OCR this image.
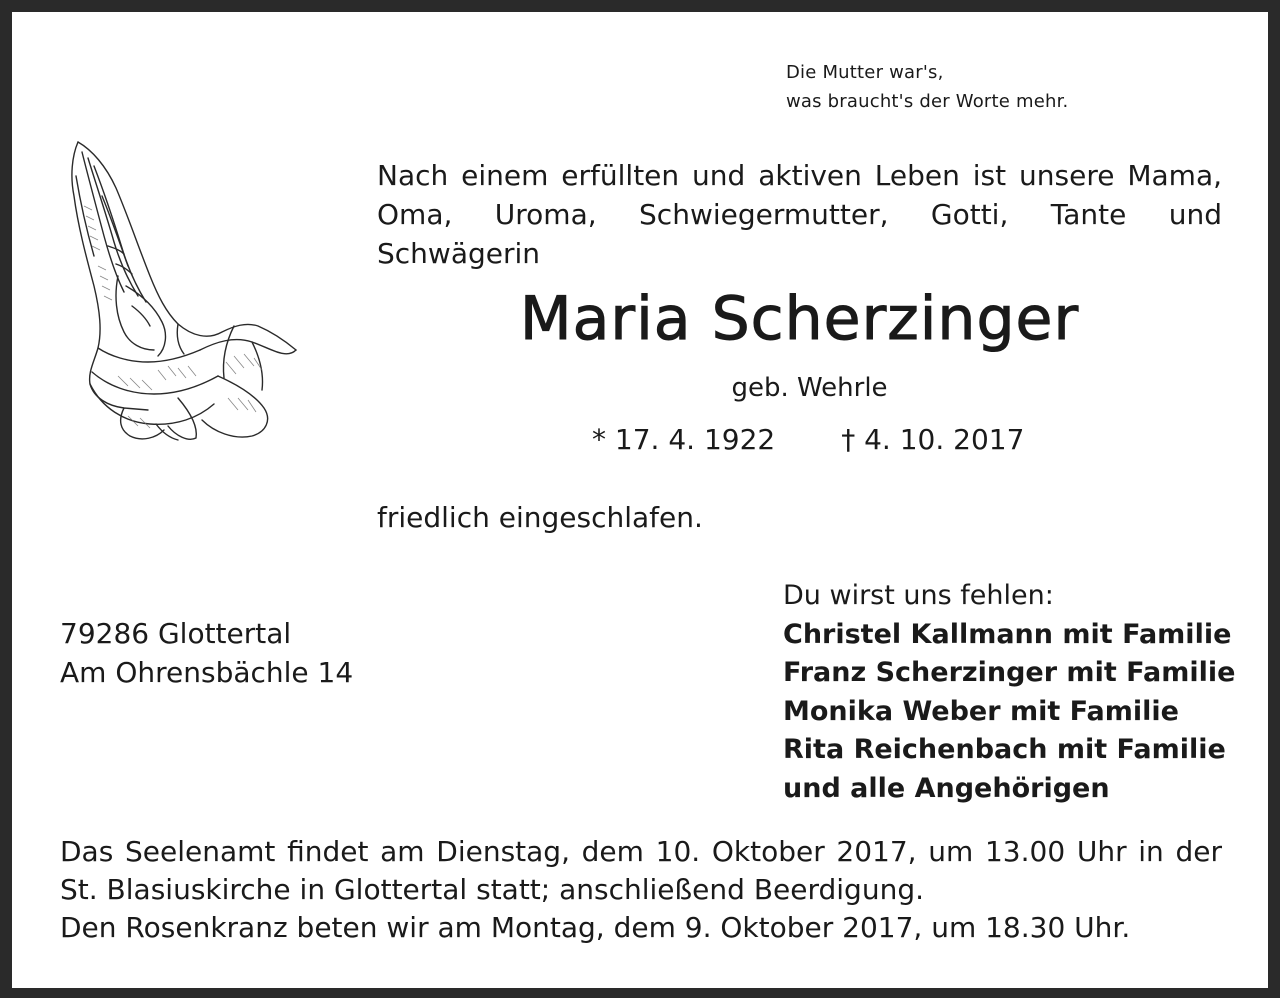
Die Mutter war's,
was braucht's der Worte mehr.
Nach einem erfüllten und aktiven Leben ist unsere Mama,
Oma, Uroma, Schwiegermutter, Gotti, Tante und Schwägerin
Maria Scherzinger
geb. Wehrle
* 17. 4. 1922 † 4. 10. 2017
friedlich eingeschlafen.
79286 Glottertal
Am Ohrensbächle 14
Du wirst uns fehlen:
Christel Kallmann mit Familie
Franz Scherzinger mit Familie
Monika Weber mit Familie
Rita Reichenbach mit Familie
und alle Angehörigen
Das Seelenamt findet am Dienstag, dem 10. Oktober 2017, um 13.00 Uhr in der
St. Blasiuskirche in Glottertal statt; anschließend Beerdigung.
Den Rosenkranz beten wir am Montag, dem 9. Oktober 2017, um 18.30 Uhr.
